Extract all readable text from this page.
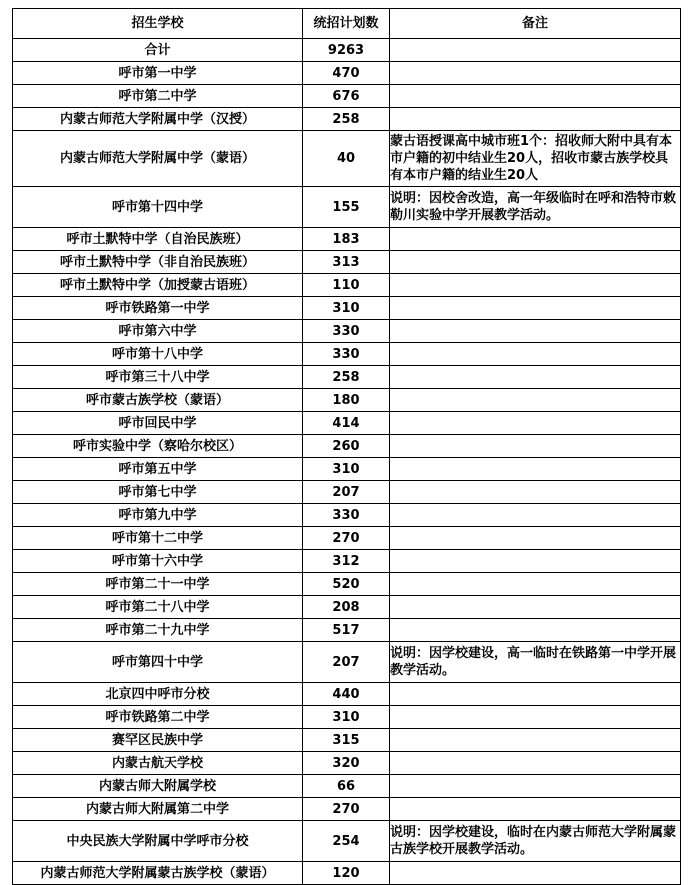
招生学校	统招计划数	备注
合计	9263	
呼市第一中学	470	
呼市第二中学	676	
内蒙古师范大学附属中学（汉授）	258	
内蒙古师范大学附属中学（蒙语）	40	蒙古语授课高中城市班1个：招收师大附中具有本市户籍的初中结业生20人，招收市蒙古族学校具有本市户籍的结业生20人
呼市第十四中学	155	说明：因校舍改造，高一年级临时在呼和浩特市敕勒川实验中学开展教学活动。
呼市土默特中学（自治民族班）	183	
呼市土默特中学（非自治民族班）	313	
呼市土默特中学（加授蒙古语班）	110	
呼市铁路第一中学	310	
呼市第六中学	330	
呼市第十八中学	330	
呼市第三十八中学	258	
呼市蒙古族学校（蒙语）	180	
呼市回民中学	414	
呼市实验中学（察哈尔校区）	260	
呼市第五中学	310	
呼市第七中学	207	
呼市第九中学	330	
呼市第十二中学	270	
呼市第十六中学	312	
呼市第二十一中学	520	
呼市第二十八中学	208	
呼市第二十九中学	517	
呼市第四十中学	207	说明：因学校建设，高一临时在铁路第一中学开展教学活动。
北京四中呼市分校	440	
呼市铁路第二中学	310	
赛罕区民族中学	315	
内蒙古航天学校	320	
内蒙古师大附属学校	66	
内蒙古师大附属第二中学	270	
中央民族大学附属中学呼市分校	254	说明：因学校建设，临时在内蒙古师范大学附属蒙古族学校开展教学活动。
内蒙古师范大学附属蒙古族学校（蒙语）	120	
